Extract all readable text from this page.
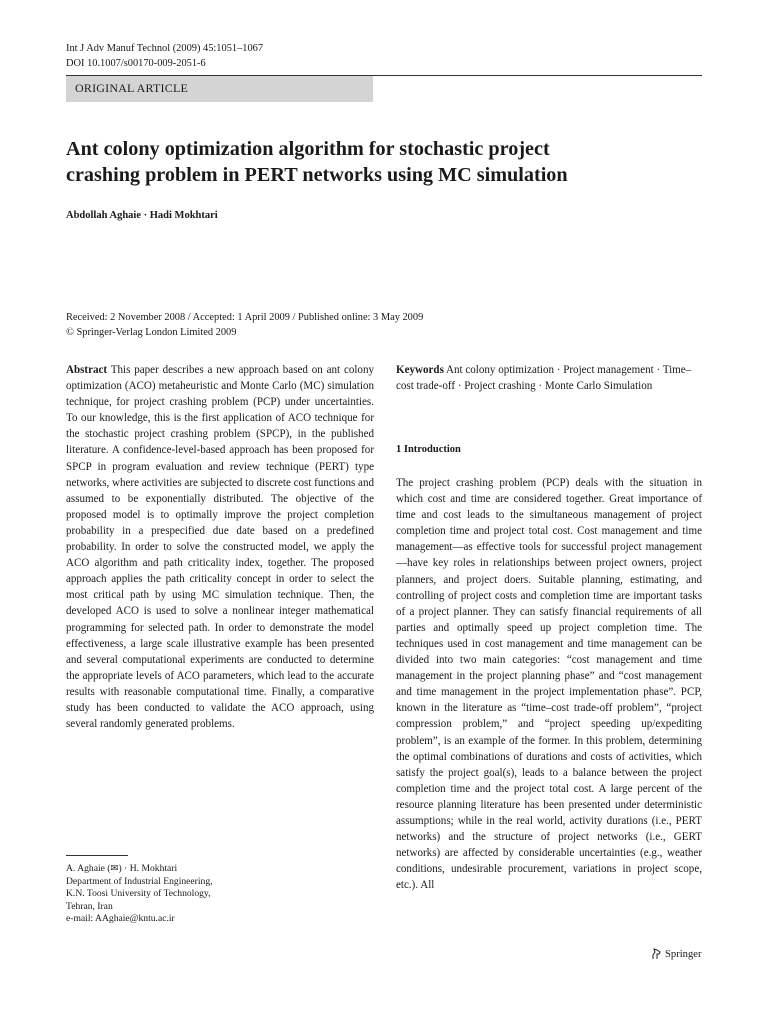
Int J Adv Manuf Technol (2009) 45:1051–1067
DOI 10.1007/s00170-009-2051-6
ORIGINAL ARTICLE
Ant colony optimization algorithm for stochastic project
crashing problem in PERT networks using MC simulation
Abdollah Aghaie · Hadi Mokhtari
Received: 2 November 2008 / Accepted: 1 April 2009 / Published online: 3 May 2009
© Springer-Verlag London Limited 2009
Abstract This paper describes a new approach based on ant colony optimization (ACO) metaheuristic and Monte Carlo (MC) simulation technique, for project crashing problem (PCP) under uncertainties. To our knowledge, this is the first application of ACO technique for the stochastic project crashing problem (SPCP), in the published literature. A confidence-level-based approach has been proposed for SPCP in program evaluation and review technique (PERT) type networks, where activities are subjected to discrete cost functions and assumed to be exponentially distributed. The objective of the proposed model is to optimally improve the project completion probability in a prespecified due date based on a predefined probability. In order to solve the constructed model, we apply the ACO algorithm and path criticality index, together. The proposed approach applies the path criticality concept in order to select the most critical path by using MC simulation technique. Then, the developed ACO is used to solve a nonlinear integer mathematical programming for selected path. In order to demonstrate the model effectiveness, a large scale illustrative example has been presented and several computational experiments are conducted to determine the appropriate levels of ACO parameters, which lead to the accurate results with reasonable computational time. Finally, a comparative study has been conducted to validate the ACO approach, using several randomly generated problems.
Keywords Ant colony optimization · Project management · Time–cost trade-off · Project crashing · Monte Carlo Simulation
1 Introduction
The project crashing problem (PCP) deals with the situation in which cost and time are considered together. Great importance of time and cost leads to the simultaneous management of project completion time and project total cost. Cost management and time management—as effective tools for successful project management—have key roles in relationships between project owners, project planners, and project doers. Suitable planning, estimating, and controlling of project costs and completion time are important tasks of a project planner. They can satisfy financial requirements of all parties and optimally speed up project completion time. The techniques used in cost management and time management can be divided into two main categories: “cost management and time management in the project planning phase” and “cost management and time management in the project implementation phase”. PCP, known in the literature as “time–cost trade-off problem”, “project compression problem,” and “project speeding up/expediting problem”, is an example of the former. In this problem, determining the optimal combinations of durations and costs of activities, which satisfy the project goal(s), leads to a balance between the project completion time and the project total cost. A large percent of the resource planning literature has been presented under deterministic assumptions; while in the real world, activity durations (i.e., PERT networks) and the structure of project networks (i.e., GERT networks) are affected by considerable uncertainties (e.g., weather conditions, undesirable procurement, variations in project scope, etc.). All
A. Aghaie (✉) · H. Mokhtari
Department of Industrial Engineering,
K.N. Toosi University of Technology,
Tehran, Iran
e-mail: AAghaie@kntu.ac.ir
Springer
